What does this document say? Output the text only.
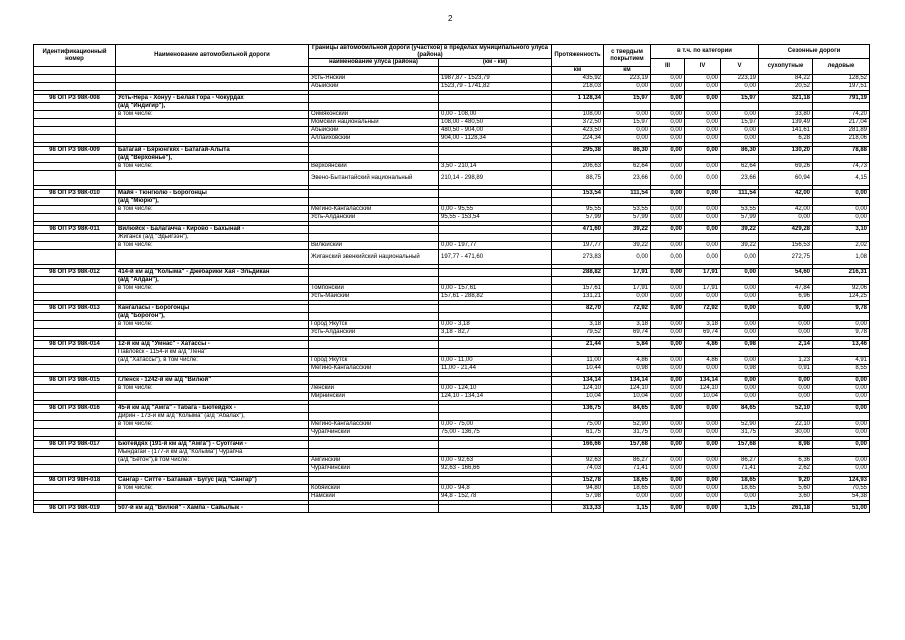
2
Идентификационный номер	Наименование автомобильной дороги	Границы автомобильной дороги (участков) в пределах муниципального улуса (района)		Протяженность	с твердым покрытием	в т.ч. по категории			Сезонные дороги	
		наименование улуса (района)	(км - км)			III	IV	V	сухопутные	ледовые
				км	км					
		Усть-Янский	1987,87 - 1523,79	435,92	223,19	0,00	0,00	223,19	84,22	128,52
		Абыйский	1523,79 - 1741,82	218,03	0,00	0,00	0,00	0,00	20,52	197,51

98 ОП РЗ 98К-008	Усть-Нера - Хонуу - Белая Гора - Чокурдах			1 128,34	15,97	0,00	0,00	15,97	321,18	791,19
	(а/д "Индигир"),									
	в том числе:	Оймяконский	0,00 - 108,00	108,00	0,00	0,00	0,00	0,00	33,80	74,20
		Момский национальный	108,00 - 480,50	372,50	15,97	0,00	0,00	15,97	139,49	217,04
		Абыйский	480,50 - 904,00	423,50	0,00	0,00	0,00	0,00	141,61	281,89
		Аллаиховский	904,00 - 1128,34	224,34	0,00	0,00	0,00	0,00	6,28	218,06

98 ОП РЗ 98К-009	Батагай - Бярюнгкях - Батагай-Алыта			295,38	86,30	0,00	0,00	86,30	130,20	78,88
	(а/д "Верхоянье"),									
	в том числе:	Верхоянский	3,50 - 210,14	206,63	62,64	0,00	0,00	62,64	69,26	74,73
		Эвено-Бытантайский национальный	210,14 - 298,89	88,75	23,66	0,00	0,00	23,66	60,94	4,15

98 ОП РЗ 98К-010	Майя - Тюнгюлю - Борогонцы			153,54	111,54	0,00	0,00	111,54	42,00	0,00
	(а/д "Мюрю"),									
	в том числе:	Мегино-Кангаласский	0,00 - 95,55	95,55	53,55	0,00	0,00	53,55	42,00	0,00
		Усть-Алданский	95,55 - 153,54	57,99	57,99	0,00	0,00	57,99	0,00	0,00

98 ОП РЗ 98К-011	Вилюйск - Балагачча - Кирово - Бахынай -			471,60	39,22	0,00	0,00	39,22	429,28	3,10
	Жиганск (а/д "Эдьигээн"),									
	в том числе:	Вилюйский	0,00 - 197,77	197,77	39,22	0,00	0,00	39,22	156,53	2,02
		Жиганский эвенкийский национальный	197,77 - 471,60	273,83	0,00	0,00	0,00	0,00	272,75	1,08

98 ОП РЗ 98К-012	414-й км а/д "Колыма" - Джебарики Хая - Эльдикан			288,82	17,91	0,00	17,91	0,00	54,60	216,31
	(а/д "Алдан"),									
	в том числе:	Томпонский	0,00 - 157,61	157,61	17,91	0,00	17,91	0,00	47,84	92,06
		Усть-Майский	157,61 - 288,82	131,21	0,00	0,00	0,00	0,00	6,96	124,25

98 ОП РЗ 98К-013	Кангаласы - Борогонцы			82,70	72,92	0,00	72,92	0,00	0,00	9,78
	(а/д "Борогон"),									
	в том числе:	Город Якутск	0,00 - 3,18	3,18	3,18	0,00	3,18	0,00	0,00	0,00
		Усть-Алданский	3,18 - 82,7	79,52	69,74	0,00	69,74	0,00	0,00	9,78

98 ОП РЗ 98К-014	12-й км а/д "Умнас" - Хатассы -			21,44	5,84	0,00	4,86	0,98	2,14	13,46
	Павловск - 1154-й км а/д "Лена"									
	(а/д "Хатассы"), в том числе:	Город Якутск	0,00 - 11,00	11,00	4,86	0,00	4,86	0,00	1,23	4,91
		Мегино-Кангаласский	11,00 - 21,44	10,44	0,98	0,00	0,00	0,98	0,91	8,55

98 ОП РЗ 98К-015	г.Ленск - 1242-й км а/д "Вилюй"			134,14	134,14	0,00	134,14	0,00	0,00	0,00
	в том числе:	Ленский	0,00 - 124,10	124,10	124,10	0,00	124,10	0,00	0,00	0,00
		Мирнинский	124,10 - 134,14	10,04	10,04	0,00	10,04	0,00	0,00	0,00

98 ОП РЗ 98К-016	45-й км а/д "Амга" - Табага - Бютейдях -			136,75	84,65	0,00	0,00	84,65	52,10	0,00
	Дирин - 173-й км а/д "Колыма" (а/д "Абалах"),									
	в том числе:	Мегино-Кангаласский	0,00 - 75,00	75,00	52,90	0,00	0,00	52,90	22,10	0,00
		Чурапчинский	75,00 - 136,75	61,75	31,75	0,00	0,00	31,75	30,00	0,00

98 ОП РЗ 98К-017	Бютейдях (191-й км а/д "Амга") - Суотгачи -			166,66	157,68	0,00	0,00	157,68	8,98	0,00
	Мындагай - (177-й км а/д "Колыма") Чурапча									
	(а/д "Бетон"),в том числе:	Амгинский	0,00 - 92,63	92,63	86,27	0,00	0,00	86,27	6,36	0,00
		Чурапчинский	92,63 - 166,66	74,03	71,41	0,00	0,00	71,41	2,62	0,00

98 ОП РЗ 98Н-018	Сангар - Ситте - Батамай - Бугус (а/д "Сангар")			152,78	18,65	0,00	0,00	18,65	9,20	124,93
	в том числе:	Кобяйский	0,00 - 94,8	94,80	18,65	0,00	0,00	18,65	5,60	70,55
		Намский	94,8 - 152,78	57,98	0,00	0,00	0,00	0,00	3,60	54,38

98 ОП РЗ 98К-019	507-й км а/д "Вилюй" - Хампа - Сайылык -			313,33	1,15	0,00	0,00	1,15	261,18	51,00
